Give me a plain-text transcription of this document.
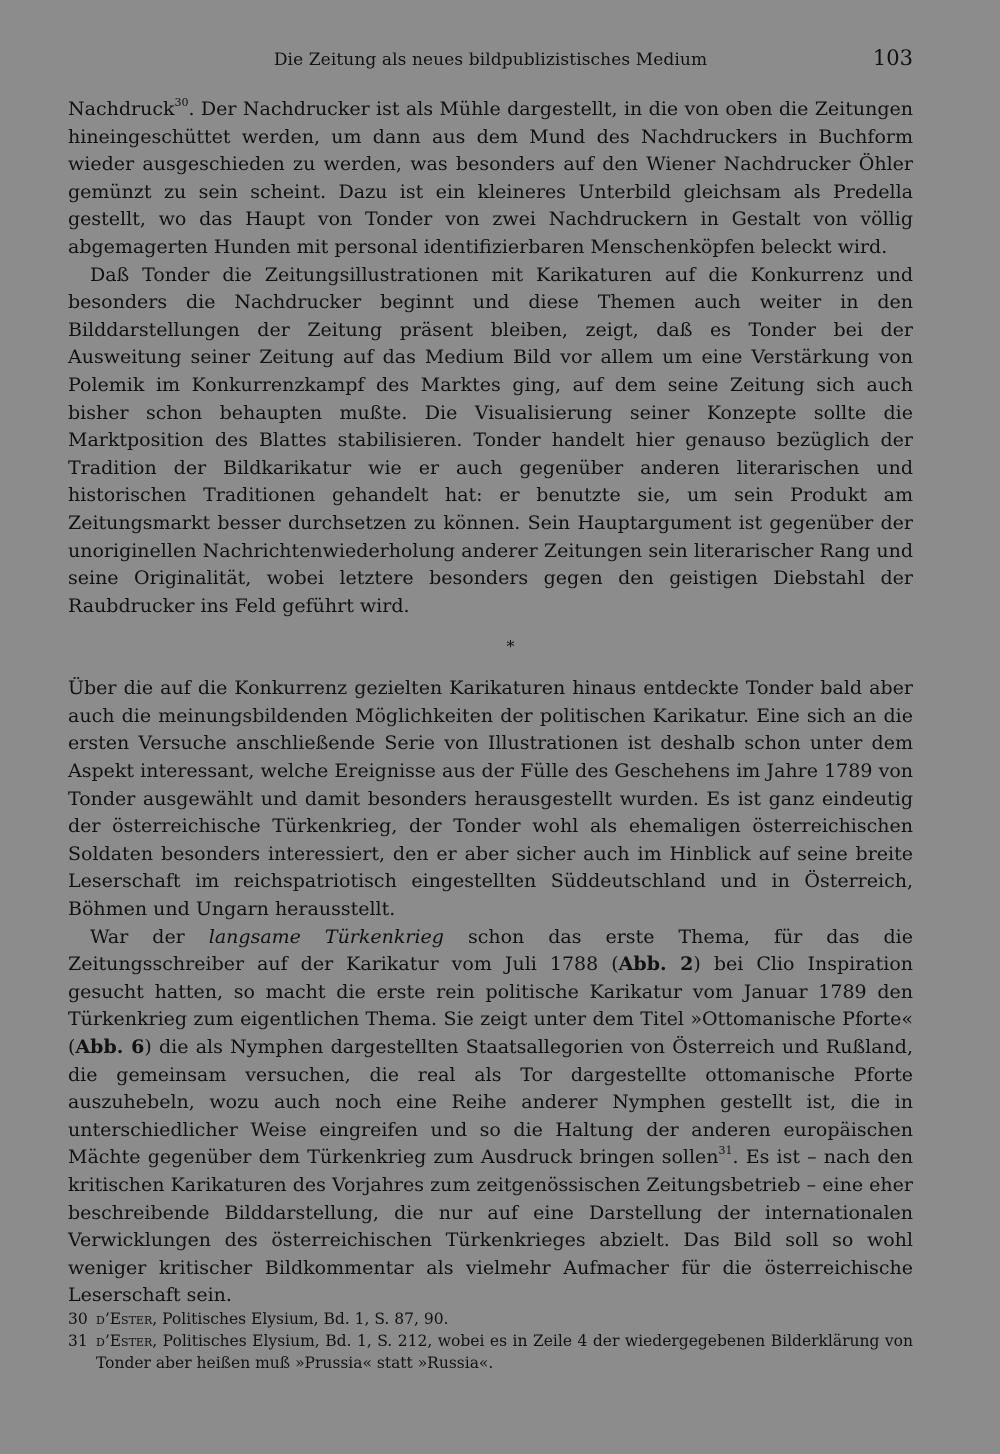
Die Zeitung als neues bildpublizistisches Medium	103

Nachdruck$^{30}$. Der Nachdrucker ist als Mühle dargestellt, in die von oben die Zeitungen hineingeschüttet werden, um dann aus dem Mund des Nachdruckers in Buchform wieder ausgeschieden zu werden, was besonders auf den Wiener Nachdrucker Öhler gemünzt zu sein scheint. Dazu ist ein kleineres Unterbild gleichsam als Predella gestellt, wo das Haupt von Tonder von zwei Nachdruckern in Gestalt von völlig abgemagerten Hunden mit personal identifizierbaren Menschenköpfen beleckt wird.

Daß Tonder die Zeitungsillustrationen mit Karikaturen auf die Konkurrenz und besonders die Nachdrucker beginnt und diese Themen auch weiter in den Bilddarstellungen der Zeitung präsent bleiben, zeigt, daß es Tonder bei der Ausweitung seiner Zeitung auf das Medium Bild vor allem um eine Verstärkung von Polemik im Konkurrenzkampf des Marktes ging, auf dem seine Zeitung sich auch bisher schon behaupten mußte. Die Visualisierung seiner Konzepte sollte die Marktposition des Blattes stabilisieren. Tonder handelt hier genauso bezüglich der Tradition der Bildkarikatur wie er auch gegenüber anderen literarischen und historischen Traditionen gehandelt hat: er benutzte sie, um sein Produkt am Zeitungsmarkt besser durchsetzen zu können. Sein Hauptargument ist gegenüber der unoriginellen Nachrichtenwiederholung anderer Zeitungen sein literarischer Rang und seine Originalität, wobei letztere besonders gegen den geistigen Diebstahl der Raubdrucker ins Feld geführt wird.

*

Über die auf die Konkurrenz gezielten Karikaturen hinaus entdeckte Tonder bald aber auch die meinungsbildenden Möglichkeiten der politischen Karikatur. Eine sich an die ersten Versuche anschließende Serie von Illustrationen ist deshalb schon unter dem Aspekt interessant, welche Ereignisse aus der Fülle des Geschehens im Jahre 1789 von Tonder ausgewählt und damit besonders herausgestellt wurden. Es ist ganz eindeutig der österreichische Türkenkrieg, der Tonder wohl als ehemaligen österreichischen Soldaten besonders interessiert, den er aber sicher auch im Hinblick auf seine breite Leserschaft im reichspatriotisch eingestellten Süddeutschland und in Österreich, Böhmen und Ungarn herausstellt.

War der langsame Türkenkrieg schon das erste Thema, für das die Zeitungsschreiber auf der Karikatur vom Juli 1788 (Abb. 2) bei Clio Inspiration gesucht hatten, so macht die erste rein politische Karikatur vom Januar 1789 den Türkenkrieg zum eigentlichen Thema. Sie zeigt unter dem Titel »Ottomanische Pforte« (Abb. 6) die als Nymphen dargestellten Staatsallegorien von Österreich und Rußland, die gemeinsam versuchen, die real als Tor dargestellte ottomanische Pforte auszuhebeln, wozu auch noch eine Reihe anderer Nymphen gestellt ist, die in unterschiedlicher Weise eingreifen und so die Haltung der anderen europäischen Mächte gegenüber dem Türkenkrieg zum Ausdruck bringen sollen$^{31}$. Es ist – nach den kritischen Karikaturen des Vorjahres zum zeitgenössischen Zeitungsbetrieb – eine eher beschreibende Bilddarstellung, die nur auf eine Darstellung der internationalen Verwicklungen des österreichischen Türkenkrieges abzielt. Das Bild soll so wohl weniger kritischer Bildkommentar als vielmehr Aufmacher für die österreichische Leserschaft sein.

30 d’Ester, Politisches Elysium, Bd. 1, S. 87, 90.
31 d’Ester, Politisches Elysium, Bd. 1, S. 212, wobei es in Zeile 4 der wiedergegebenen Bilderklärung von Tonder aber heißen muß »Prussia« statt »Russia«.
